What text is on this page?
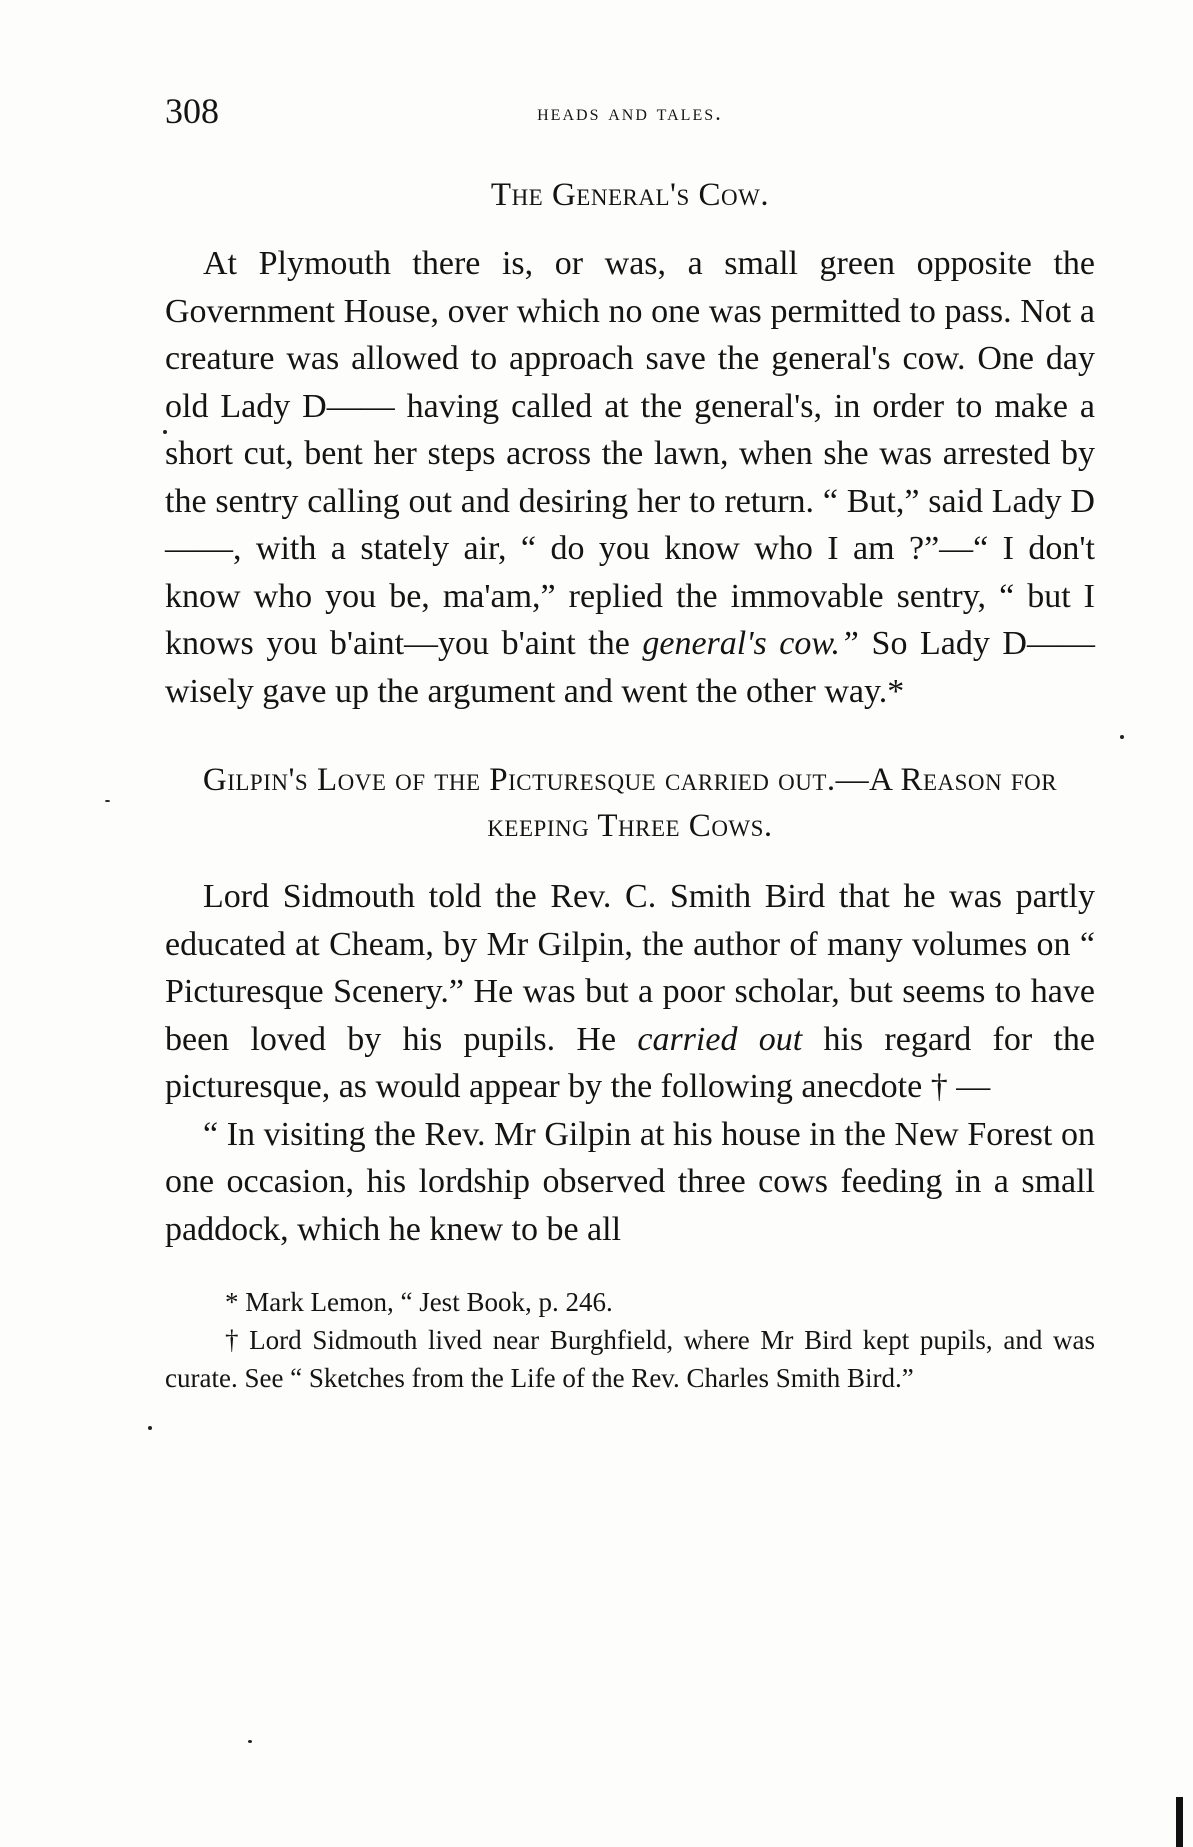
308	heads and tales.
The General's Cow.

At Plymouth there is, or was, a small green opposite the Government House, over which no one was permitted to pass. Not a creature was allowed to approach save the general's cow. One day old Lady D—— having called at the general's, in order to make a short cut, bent her steps across the lawn, when she was arrested by the sentry calling out and desiring her to return. “ But,” said Lady D——, with a stately air, “ do you know who I am ?”—“ I don't know who you be, ma'am,” replied the immovable sentry, “ but I knows you b'aint—you b'aint the general's cow.” So Lady D—— wisely gave up the argument and went the other way.*

Gilpin's Love of the Picturesque carried out.—A Reason for keeping Three Cows.

Lord Sidmouth told the Rev. C. Smith Bird that he was partly educated at Cheam, by Mr Gilpin, the author of many volumes on “ Picturesque Scenery.” He was but a poor scholar, but seems to have been loved by his pupils. He carried out his regard for the picturesque, as would appear by the following anecdote † —

“ In visiting the Rev. Mr Gilpin at his house in the New Forest on one occasion, his lordship observed three cows feeding in a small paddock, which he knew to be all

* Mark Lemon, “ Jest Book, p. 246.

† Lord Sidmouth lived near Burghfield, where Mr Bird kept pupils, and was curate. See “ Sketches from the Life of the Rev. Charles Smith Bird.”
